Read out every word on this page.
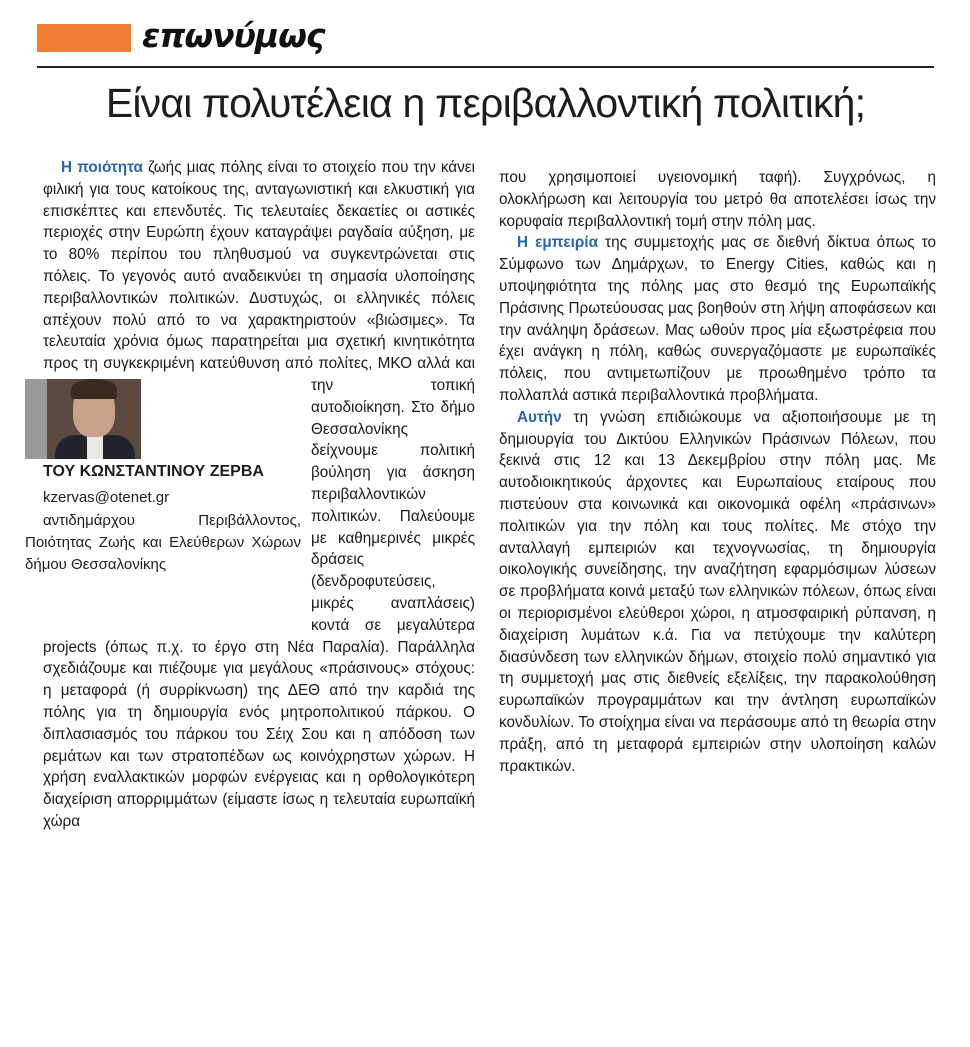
επωνύμως
Είναι πολυτέλεια η περιβαλλοντική πολιτική;

Η ποιότητα ζωής μιας πόλης είναι το στοιχείο που την κάνει φιλική για τους κατοίκους της, ανταγωνιστική και ελκυστική για επισκέπτες και επενδυτές. Τις τελευταίες δεκαετίες οι αστικές περιοχές στην Ευρώπη έχουν καταγράψει ραγδαία αύξηση, με το 80% περίπου του πληθυσμού να συγκεντρώνεται στις πόλεις. Το γεγονός αυτό αναδεικνύει τη σημασία υλοποίησης περιβαλλοντικών πολιτικών. Δυστυχώς, οι ελληνικές πόλεις απέχουν πολύ από το να χαρακτηριστούν «βιώσιμες». Τα τελευταία χρόνια όμως παρατηρείται μια σχετική κινητικότητα προς τη συγκεκριμένη κατεύθυνση από πολίτες, ΜΚΟ αλλά και
ΤΟΥ ΚΩΝΣΤΑΝΤΙΝΟΥ ΖΕΡΒΑ
kzervas@otenet.gr
αντιδημάρχου Περιβάλλοντος, Ποιότητας Ζωής και Ελεύθερων Χώρων δήμου Θεσσαλονίκης
την τοπική αυτοδιοίκηση. Στο δήμο Θεσσαλονίκης δείχνουμε πολιτική βούληση για άσκηση περιβαλλοντικών πολιτικών. Παλεύουμε με καθημερινές μικρές δράσεις (δενδροφυτεύσεις, μικρές αναπλάσεις) κοντά σε μεγαλύτερα projects (όπως π.χ. το έργο στη Νέα Παραλία). Παράλληλα σχεδιάζουμε και πιέζουμε για μεγάλους «πράσινους» στόχους: η μεταφορά (ή συρρίκνωση) της ΔΕΘ από την καρδιά της πόλης για τη δημιουργία ενός μητροπολιτικού πάρκου. Ο διπλασιασμός του πάρκου του Σέιχ Σου και η απόδοση των ρεμάτων και των στρατοπέδων ως κοινόχρηστων χώρων. Η χρήση εναλλακτικών μορφών ενέργειας και η ορθολογικότερη διαχείριση απορριμμάτων (είμαστε ίσως η τελευταία ευρωπαϊκή χώρα

που χρησιμοποιεί υγειονομική ταφή). Συγχρόνως, η ολοκλήρωση και λειτουργία του μετρό θα αποτελέσει ίσως την κορυφαία περιβαλλοντική τομή στην πόλη μας.

Η εμπειρία της συμμετοχής μας σε διεθνή δίκτυα όπως το Σύμφωνο των Δημάρχων, το Energy Cities, καθώς και η υποψηφιότητα της πόλης μας στο θεσμό της Ευρωπαϊκής Πράσινης Πρωτεύουσας μας βοηθούν στη λήψη αποφάσεων και την ανάληψη δράσεων. Μας ωθούν προς μία εξωστρέφεια που έχει ανάγκη η πόλη, καθώς συνεργαζόμαστε με ευρωπαϊκές πόλεις, που αντιμετωπίζουν με προωθημένο τρόπο τα πολλαπλά αστικά περιβαλλοντικά προβλήματα.

Αυτήν τη γνώση επιδιώκουμε να αξιοποιήσουμε με τη δημιουργία του Δικτύου Ελληνικών Πράσινων Πόλεων, που ξεκινά στις 12 και 13 Δεκεμβρίου στην πόλη μας. Με αυτοδιοικητικούς άρχοντες και Ευρωπαίους εταίρους που πιστεύουν στα κοινωνικά και οικονομικά οφέλη «πράσινων» πολιτικών για την πόλη και τους πολίτες. Με στόχο την ανταλλαγή εμπειριών και τεχνογνωσίας, τη δημιουργία οικολογικής συνείδησης, την αναζήτηση εφαρμόσιμων λύσεων σε προβλήματα κοινά μεταξύ των ελληνικών πόλεων, όπως είναι οι περιορισμένοι ελεύθεροι χώροι, η ατμοσφαιρική ρύπανση, η διαχείριση λυμάτων κ.ά. Για να πετύχουμε την καλύτερη διασύνδεση των ελληνικών δήμων, στοιχείο πολύ σημαντικό για τη συμμετοχή μας στις διεθνείς εξελίξεις, την παρακολούθηση ευρωπαϊκών προγραμμάτων και την άντληση ευρωπαϊκών κονδυλίων. Το στοίχημα είναι να περάσουμε από τη θεωρία στην πράξη, από τη μεταφορά εμπειριών στην υλοποίηση καλών πρακτικών.
